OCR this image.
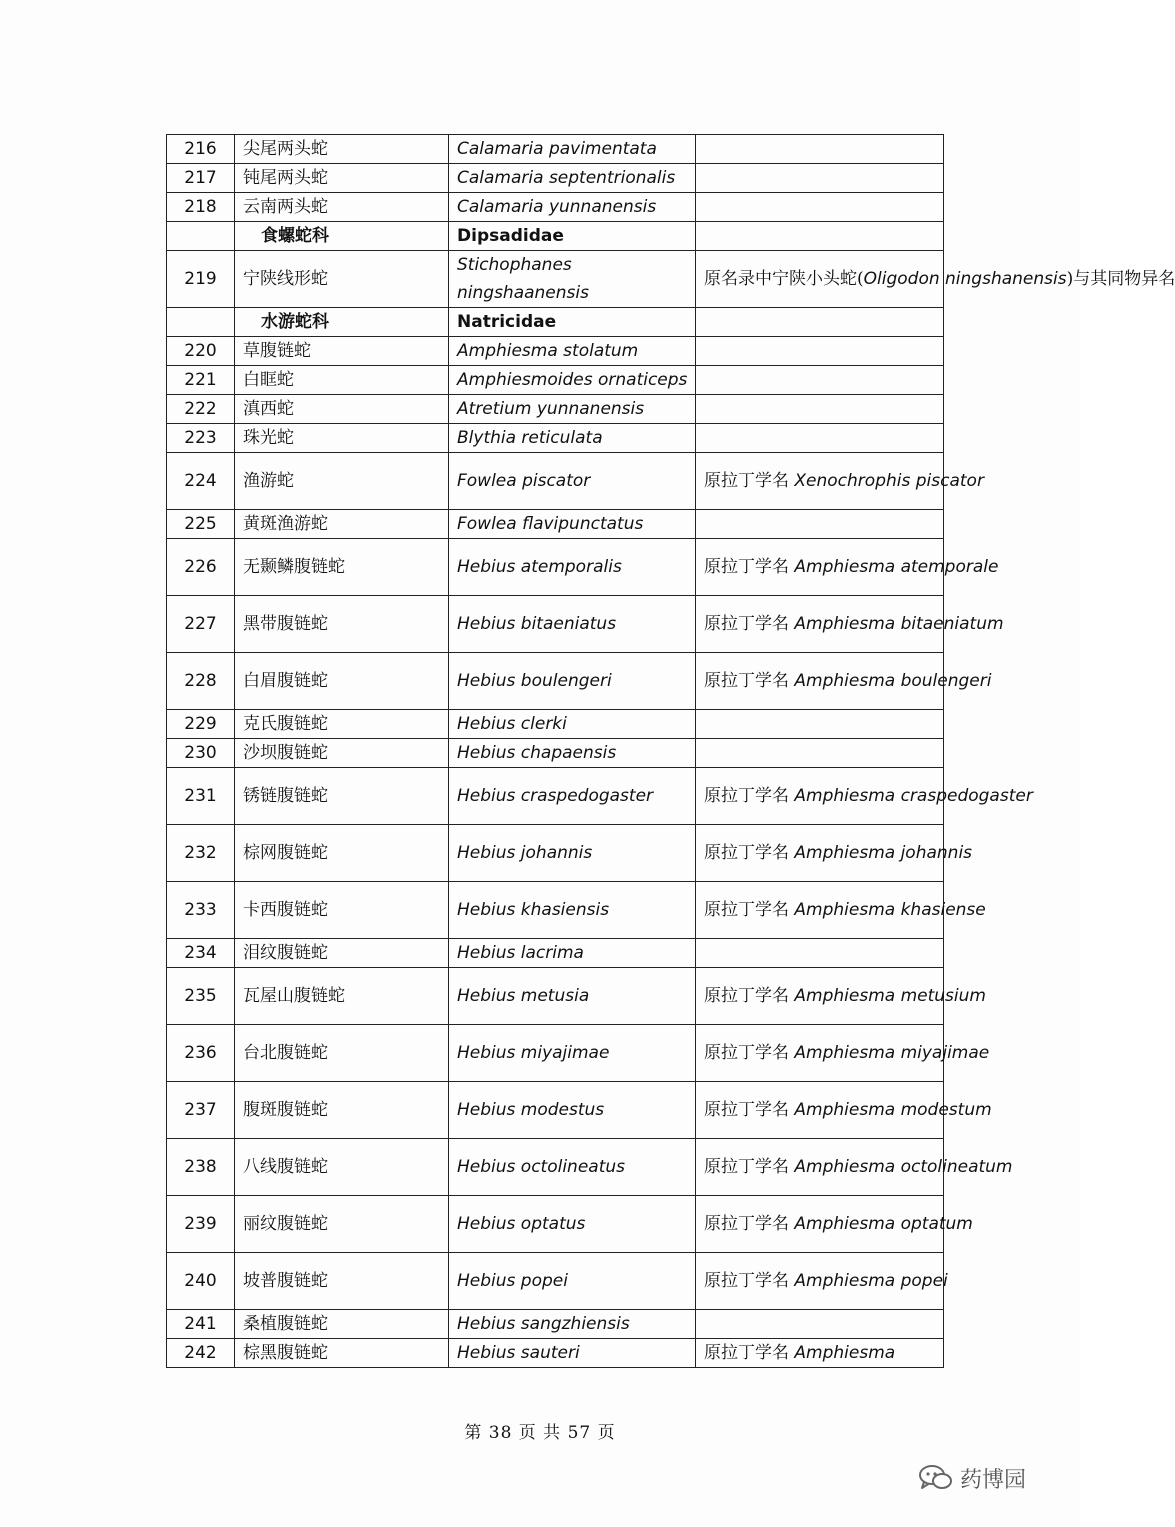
216	尖尾两头蛇	Calamaria pavimentata	
217	钝尾两头蛇	Calamaria septentrionalis	
218	云南两头蛇	Calamaria yunnanensis	
	食螺蛇科	Dipsadidae	
219	宁陕线形蛇	Stichophanes ningshaanensis	原名录中宁陕小头蛇(Oligodon ningshanensis)与其同物异名
	水游蛇科	Natricidae	
220	草腹链蛇	Amphiesma stolatum	
221	白眶蛇	Amphiesmoides ornaticeps	
222	滇西蛇	Atretium yunnanensis	
223	珠光蛇	Blythia reticulata	
224	渔游蛇	Fowlea piscator	原拉丁学名 Xenochrophis piscator
225	黄斑渔游蛇	Fowlea flavipunctatus	
226	无颞鳞腹链蛇	Hebius atemporalis	原拉丁学名 Amphiesma atemporale
227	黑带腹链蛇	Hebius bitaeniatus	原拉丁学名 Amphiesma bitaeniatum
228	白眉腹链蛇	Hebius boulengeri	原拉丁学名 Amphiesma boulengeri
229	克氏腹链蛇	Hebius clerki	
230	沙坝腹链蛇	Hebius chapaensis	
231	锈链腹链蛇	Hebius craspedogaster	原拉丁学名 Amphiesma craspedogaster
232	棕网腹链蛇	Hebius johannis	原拉丁学名 Amphiesma johannis
233	卡西腹链蛇	Hebius khasiensis	原拉丁学名 Amphiesma khasiense
234	泪纹腹链蛇	Hebius lacrima	
235	瓦屋山腹链蛇	Hebius metusia	原拉丁学名 Amphiesma metusium
236	台北腹链蛇	Hebius miyajimae	原拉丁学名 Amphiesma miyajimae
237	腹斑腹链蛇	Hebius modestus	原拉丁学名 Amphiesma modestum
238	八线腹链蛇	Hebius octolineatus	原拉丁学名 Amphiesma octolineatum
239	丽纹腹链蛇	Hebius optatus	原拉丁学名 Amphiesma optatum
240	坡普腹链蛇	Hebius popei	原拉丁学名 Amphiesma popei
241	桑植腹链蛇	Hebius sangzhiensis	
242	棕黑腹链蛇	Hebius sauteri	原拉丁学名 Amphiesma
第 38 页 共 57 页
药博园
